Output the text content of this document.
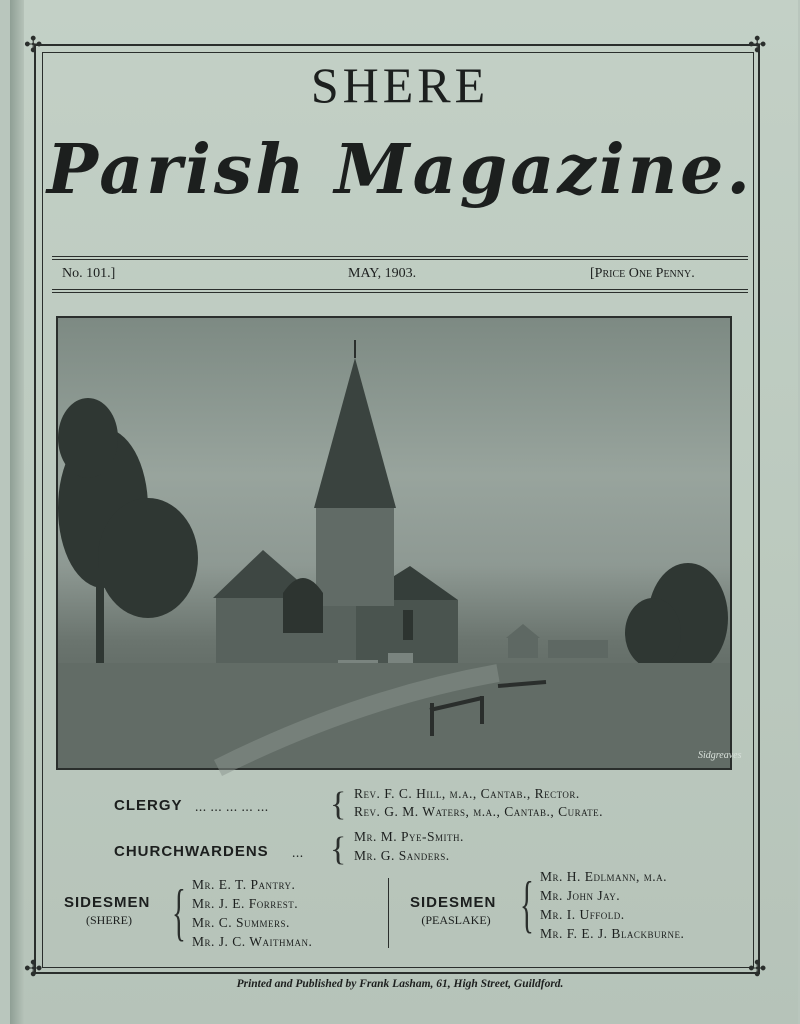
✣	✣
✣	✣
SHERE
Parish Magazine.
No. 101.]	MAY, 1903.	[Price One Penny.
Sidgreaves
CLERGY ... ... ... ... ... { Rev. F. C. Hill, m.a., Cantab., Rector.
Rev. G. M. Waters, m.a., Cantab., Curate.
CHURCHWARDENS ... { Mr. M. Pye-Smith.
Mr. G. Sanders.
SIDESMEN
(SHERE) { Mr. E. T. Pantry.
Mr. J. E. Forrest.
Mr. C. Summers.
Mr. J. C. Waithman.
SIDESMEN
(PEASLAKE) { Mr. H. Edlmann, m.a.
Mr. John Jay.
Mr. I. Uffold.
Mr. F. E. J. Blackburne.
Printed and Published by Frank Lasham, 61, High Street, Guildford.
